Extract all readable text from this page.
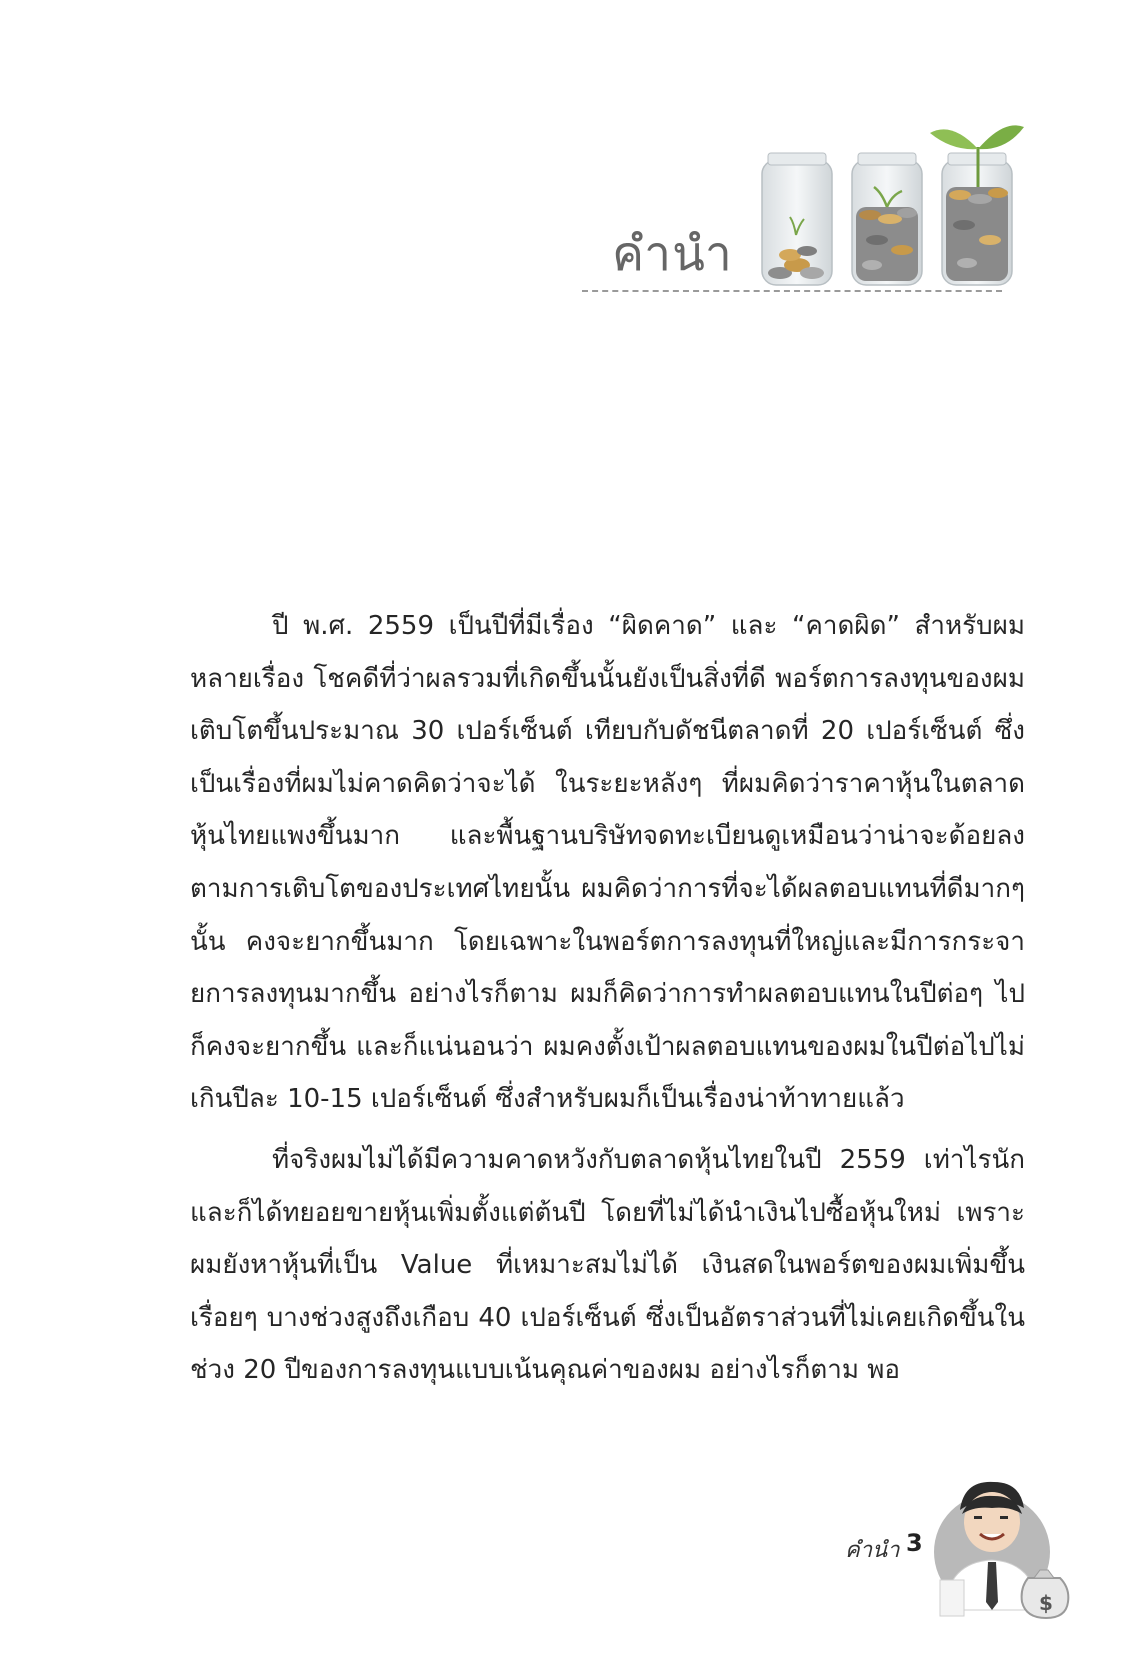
คำนำ

ปี พ.ศ. 2559 เป็นปีที่มีเรื่อง “ผิดคาด” และ “คาดผิด” สำหรับผมหลายเรื่อง โชคดีที่ว่าผลรวมที่เกิดขึ้นนั้นยังเป็นสิ่งที่ดี พอร์ตการลงทุนของผมเติบโตขึ้นประมาณ 30 เปอร์เซ็นต์ เทียบกับดัชนีตลาดที่ 20 เปอร์เซ็นต์ ซึ่งเป็นเรื่องที่ผมไม่คาดคิดว่าจะได้ ในระยะหลังๆ ที่ผมคิดว่าราคาหุ้นในตลาดหุ้นไทยแพงขึ้นมาก และพื้นฐานบริษัทจดทะเบียนดูเหมือนว่าน่าจะด้อยลงตามการเติบโตของประเทศไทยนั้น ผมคิดว่าการที่จะได้ผลตอบแทนที่ดีมากๆ นั้น คงจะยากขึ้นมาก โดยเฉพาะในพอร์ตการลงทุนที่ใหญ่และมีการกระจายการลงทุนมากขึ้น อย่างไรก็ตาม ผมก็คิดว่าการทำผลตอบแทนในปีต่อๆ ไปก็คงจะยากขึ้น และก็แน่นอนว่า ผมคงตั้งเป้าผลตอบแทนของผมในปีต่อไปไม่เกินปีละ 10-15 เปอร์เซ็นต์ ซึ่งสำหรับผมก็เป็นเรื่องน่าท้าทายแล้ว

ที่จริงผมไม่ได้มีความคาดหวังกับตลาดหุ้นไทยในปี 2559 เท่าไรนัก และก็ได้ทยอยขายหุ้นเพิ่มตั้งแต่ต้นปี โดยที่ไม่ได้นำเงินไปซื้อหุ้นใหม่ เพราะผมยังหาหุ้นที่เป็น Value ที่เหมาะสมไม่ได้ เงินสดในพอร์ตของผมเพิ่มขึ้นเรื่อยๆ บางช่วงสูงถึงเกือบ 40 เปอร์เซ็นต์ ซึ่งเป็นอัตราส่วนที่ไม่เคยเกิดขึ้นในช่วง 20 ปีของการลงทุนแบบเน้นคุณค่าของผม อย่างไรก็ตาม พอ

คำนำ 3
$
